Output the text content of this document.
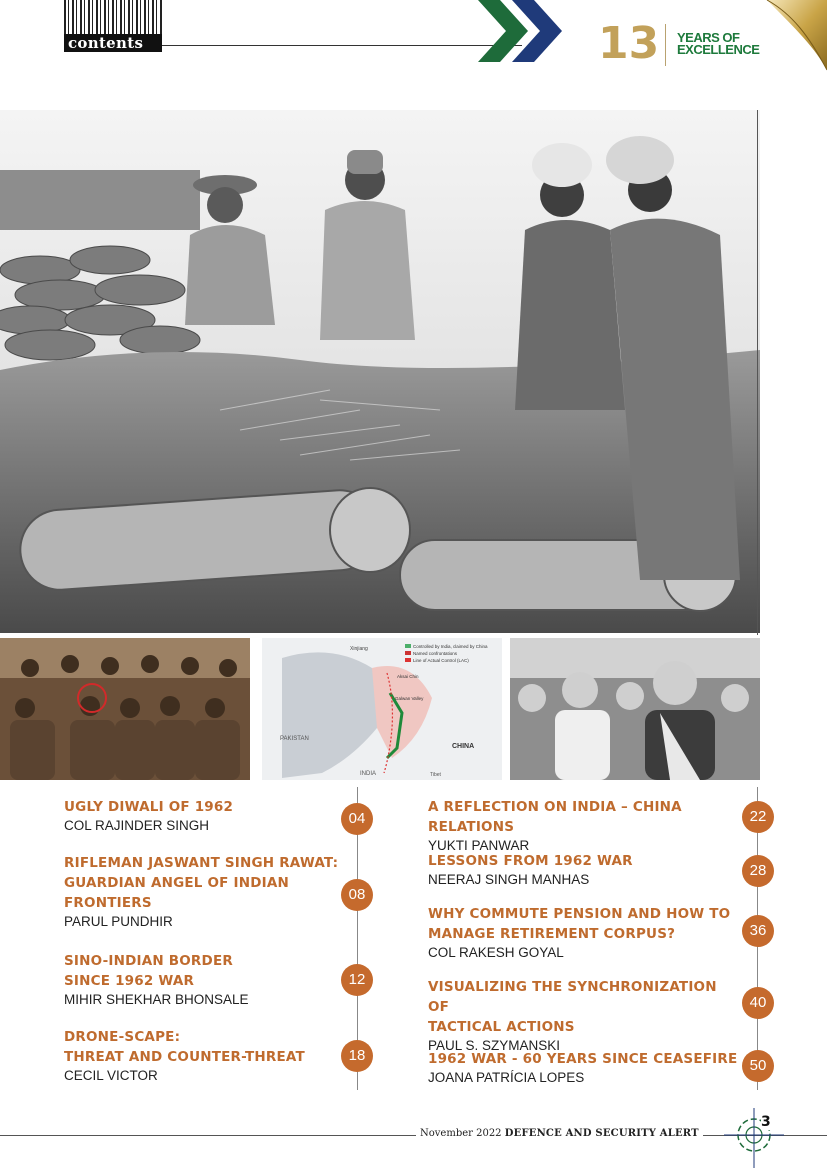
contents	13 YEARS OF
EXCELLENCE
Controlled by India, claimed by China
Named confrontations
Line of Actual Control (LAC)
Xinjiang
Aksai Chin
Galwan Valley
PAKISTAN
INDIA
CHINA
Tibet
UGLY DIWALI OF 1962
COL RAJINDER SINGH	04
RIFLEMAN JASWANT SINGH RAWAT:
GUARDIAN ANGEL OF INDIAN
FRONTIERS
PARUL PUNDHIR
08
SINO-INDIAN BORDER
SINCE 1962 WAR
MIHIR SHEKHAR BHONSALE
12
DRONE-SCAPE:
THREAT AND COUNTER-THREAT
CECIL VICTOR
18
A REFLECTION ON INDIA – CHINA RELATIONS
YUKTI PANWAR
22
LESSONS FROM 1962 WAR
NEERAJ SINGH MANHAS
28
WHY COMMUTE PENSION AND HOW TO
MANAGE RETIREMENT CORPUS?
COL RAKESH GOYAL
36
VISUALIZING THE SYNCHRONIZATION OF
TACTICAL ACTIONS
PAUL S. SZYMANSKI
40
1962 WAR - 60 YEARS SINCE CEASEFIRE
JOANA PATRÍCIA LOPES
50
November 2022 DEFENCE AND SECURITY ALERT
3
